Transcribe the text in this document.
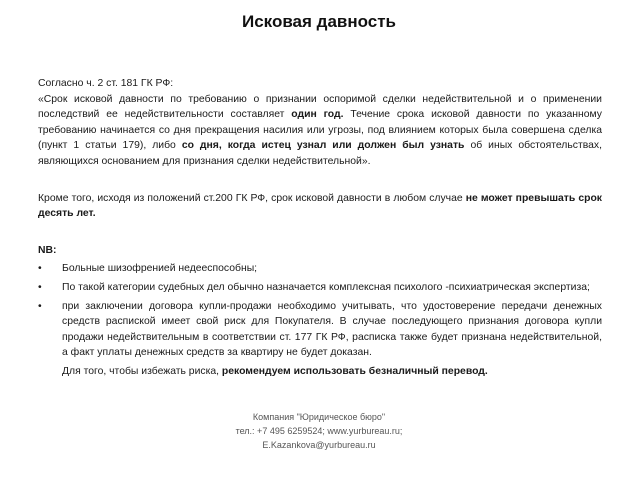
Исковая давность

Согласно ч. 2 ст. 181 ГК РФ:

«Срок исковой давности по требованию о признании оспоримой сделки недействительной и о применении последствий ее недействительности составляет один год. Течение срока исковой давности по указанному требованию начинается со дня прекращения насилия или угрозы, под влиянием которых была совершена сделка (пункт 1 статьи 179), либо со дня, когда истец узнал или должен был узнать об иных обстоятельствах, являющихся основанием для признания сделки недействительной».

Кроме того, исходя из положений ст.200 ГК РФ, срок исковой давности в любом случае не может превышать срок десять лет.

NB:

• Больные шизофренией недееспособны;
• По такой категории судебных дел обычно назначается комплексная психолого -психиатрическая экспертиза;
• при заключении договора купли-продажи необходимо учитывать, что удостоверение передачи денежных средств распиской имеет свой риск для Покупателя. В случае последующего признания договора купли продажи недействительным в соответствии ст. 177 ГК РФ, расписка также будет признана недействительной, а факт уплаты денежных средств за квартиру не будет доказан.

Для того, чтобы избежать риска, рекомендуем использовать безналичный перевод.

Компания "Юридическое бюро"
тел.: +7 495 6259524; www.yurbureau.ru;
E.Kazankova@yurbureau.ru
